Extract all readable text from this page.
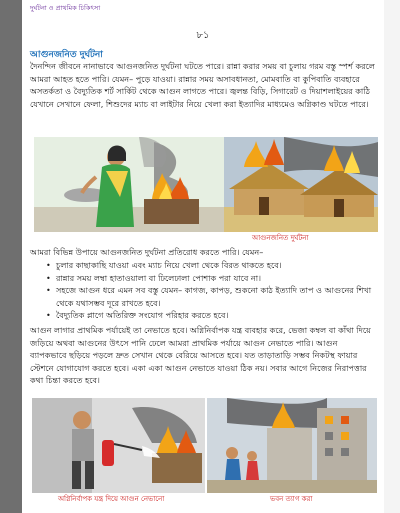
দুর্ঘটনা ও প্রাথমিক চিকিৎসা
৮১
আগুনজনিত দুর্ঘটনা

দৈনন্দিন জীবনে নানাভাবে আগুনজনিত দুর্ঘটনা ঘটতে পারে। রান্না করার সময় বা চুলায় গরম বস্তু স্পর্শ করলে আমরা আহত হতে পারি। যেমন– পুড়ে যাওয়া। রান্নার সময় অসাবধানতা, মোমবাতি বা কুপিবাতি ব্যবহারে অসতর্কতা ও বৈদ্যুতিক শর্ট সার্কিট থেকে আগুন লাগতে পারে। জ্বলন্ত বিড়ি, সিগারেট ও দিয়াশলাইয়ের কাঠি যেখানে সেখানে ফেলা, শিশুদের ম্যাচ বা লাইটার নিয়ে খেলা করা ইত্যাদির মাধ্যমেও অগ্নিকাণ্ড ঘটতে পারে।

আগুনজনিত দুর্ঘটনা

আমরা বিভিন্ন উপায়ে আগুনজনিত দুর্ঘটনা প্রতিরোধ করতে পারি। যেমন–

• চুলার কাছাকাছি যাওয়া এবং ম্যাচ নিয়ে খেলা থেকে বিরত থাকতে হবে।
• রান্নার সময় লম্বা হাতাওয়ালা বা ঢিলেঢালা পোশাক পরা যাবে না।
• সহজে আগুন ধরে এমন সব বস্তু যেমন– কাগজ, কাপড়, শুকনো কাঠ ইত্যাদি তাপ ও আগুনের শিখা থেকে যথাসম্ভব দূরে রাখতে হবে।
• বৈদ্যুতিক প্লাগে অতিরিক্ত সংযোগ পরিহার করতে হবে।

আগুন লাগার প্রাথমিক পর্যায়েই তা নেভাতে হবে। অগ্নিনির্বাপক যন্ত্র ব্যবহার করে, ভেজা কম্বল বা কাঁথা দিয়ে জড়িয়ে অথবা আগুনের উৎসে পানি ঢেলে আমরা প্রাথমিক পর্যায়ে আগুন নেভাতে পারি। আগুন ব্যাপকভাবে ছড়িয়ে পড়লে দ্রুত সেখান থেকে বেরিয়ে আসতে হবে। যত তাড়াতাড়ি সম্ভব নিকটস্থ ফায়ার স্টেশনে যোগাযোগ করতে হবে। একা একা আগুন নেভাতে যাওয়া ঠিক নয়। সবার আগে নিজের নিরাপত্তার কথা চিন্তা করতে হবে।

অগ্নিনির্বাপক যন্ত্র দিয়ে আগুন নেভানো	ভবন ত্যাগ করা
